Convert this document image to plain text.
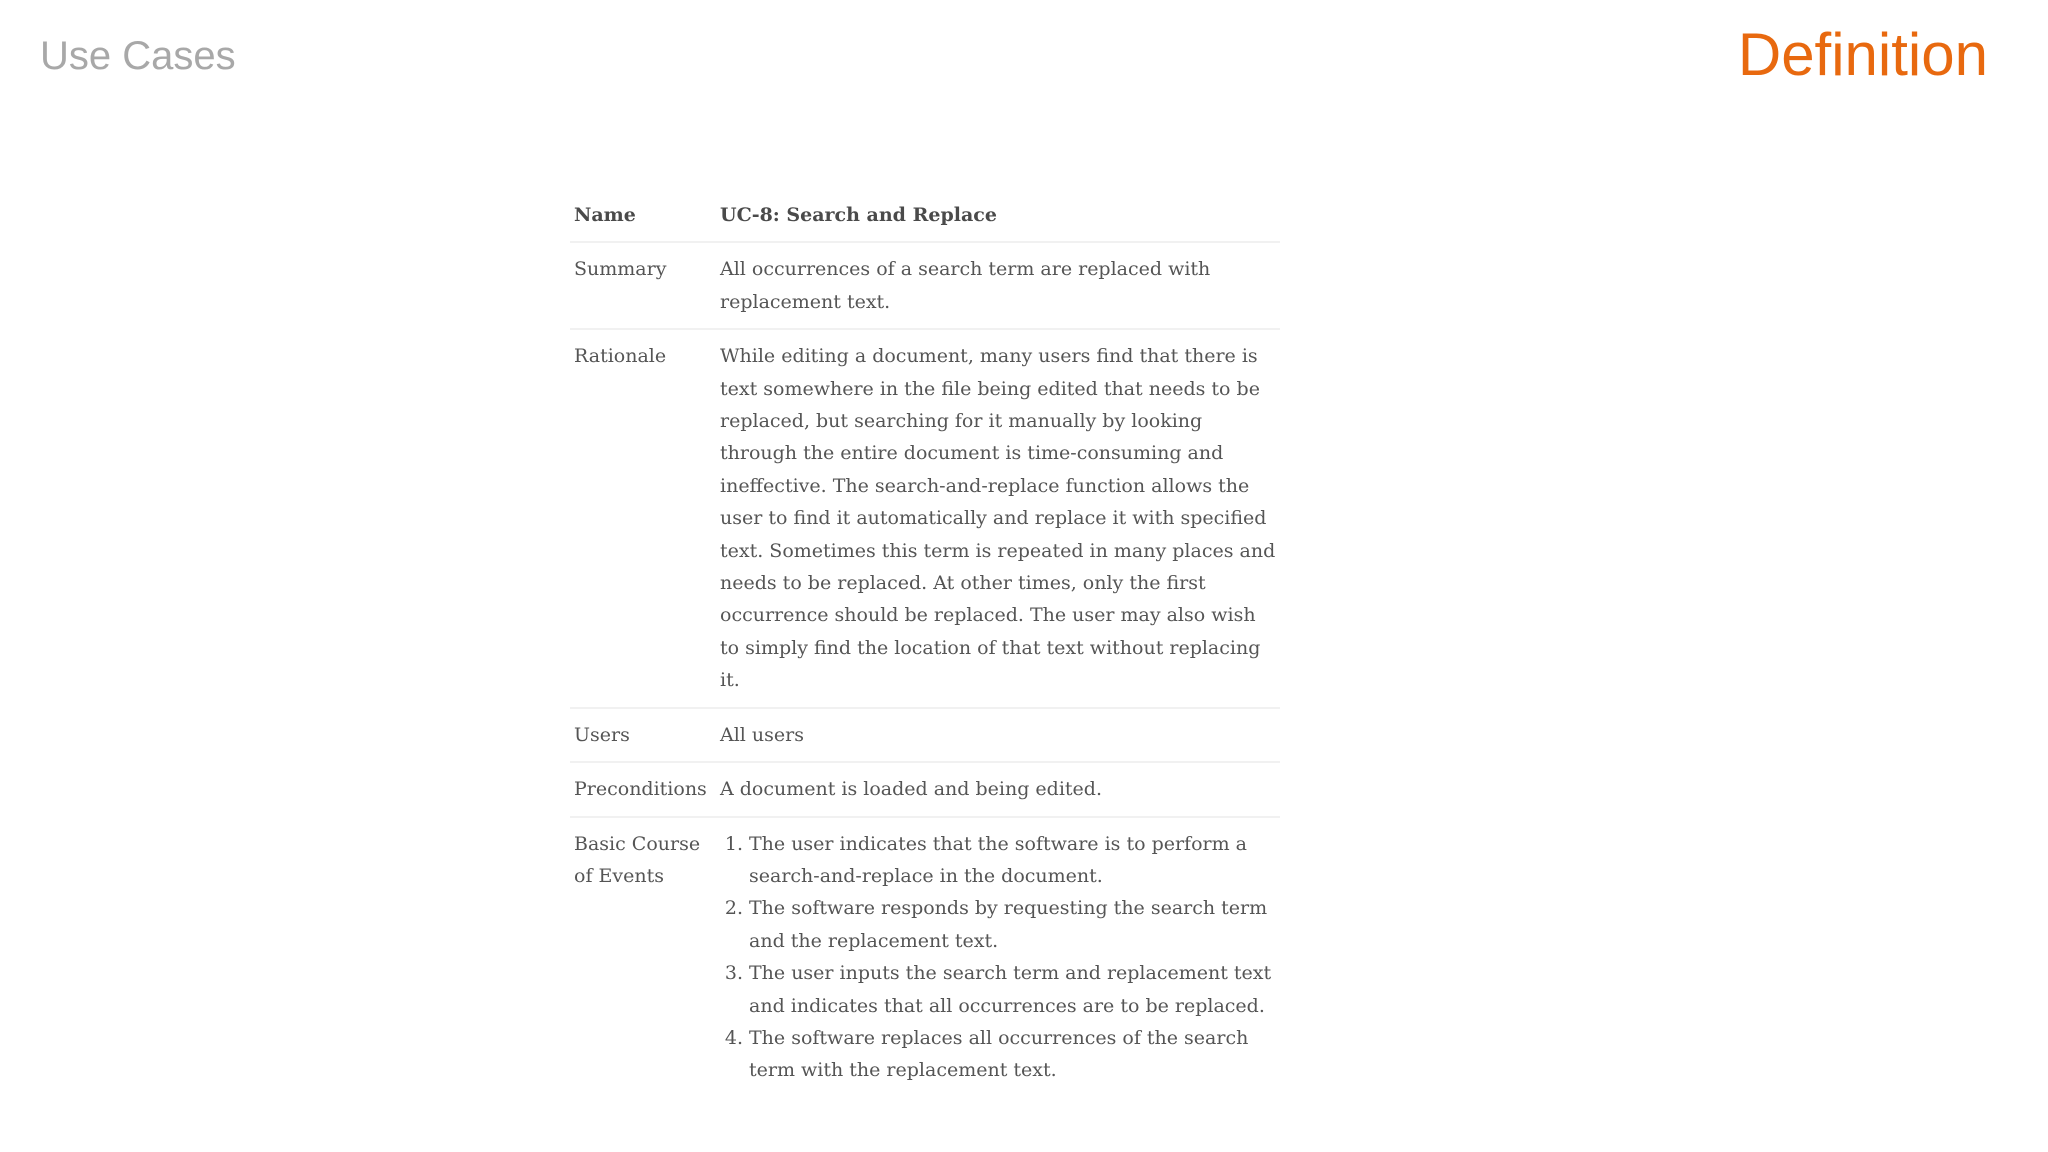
Use Cases	Definition
Name	UC-8: Search and Replace
Summary	All occurrences of a search term are replaced with replacement text.
Rationale	While editing a document, many users find that there is text somewhere in the file being edited that needs to be replaced, but searching for it manually by looking through the entire document is time-consuming and ineffective. The search-and-replace function allows the user to find it automatically and replace it with specified text. Sometimes this term is repeated in many places and needs to be replaced. At other times, only the first occurrence should be replaced. The user may also wish to simply find the location of that text without replacing it.
Users	All users
Preconditions A document is loaded and being edited.
Basic Course of Events
1. The user indicates that the software is to perform a search-and-replace in the document.
2. The software responds by requesting the search term and the replacement text.
3. The user inputs the search term and replacement text and indicates that all occurrences are to be replaced.
4. The software replaces all occurrences of the search term with the replacement text.
